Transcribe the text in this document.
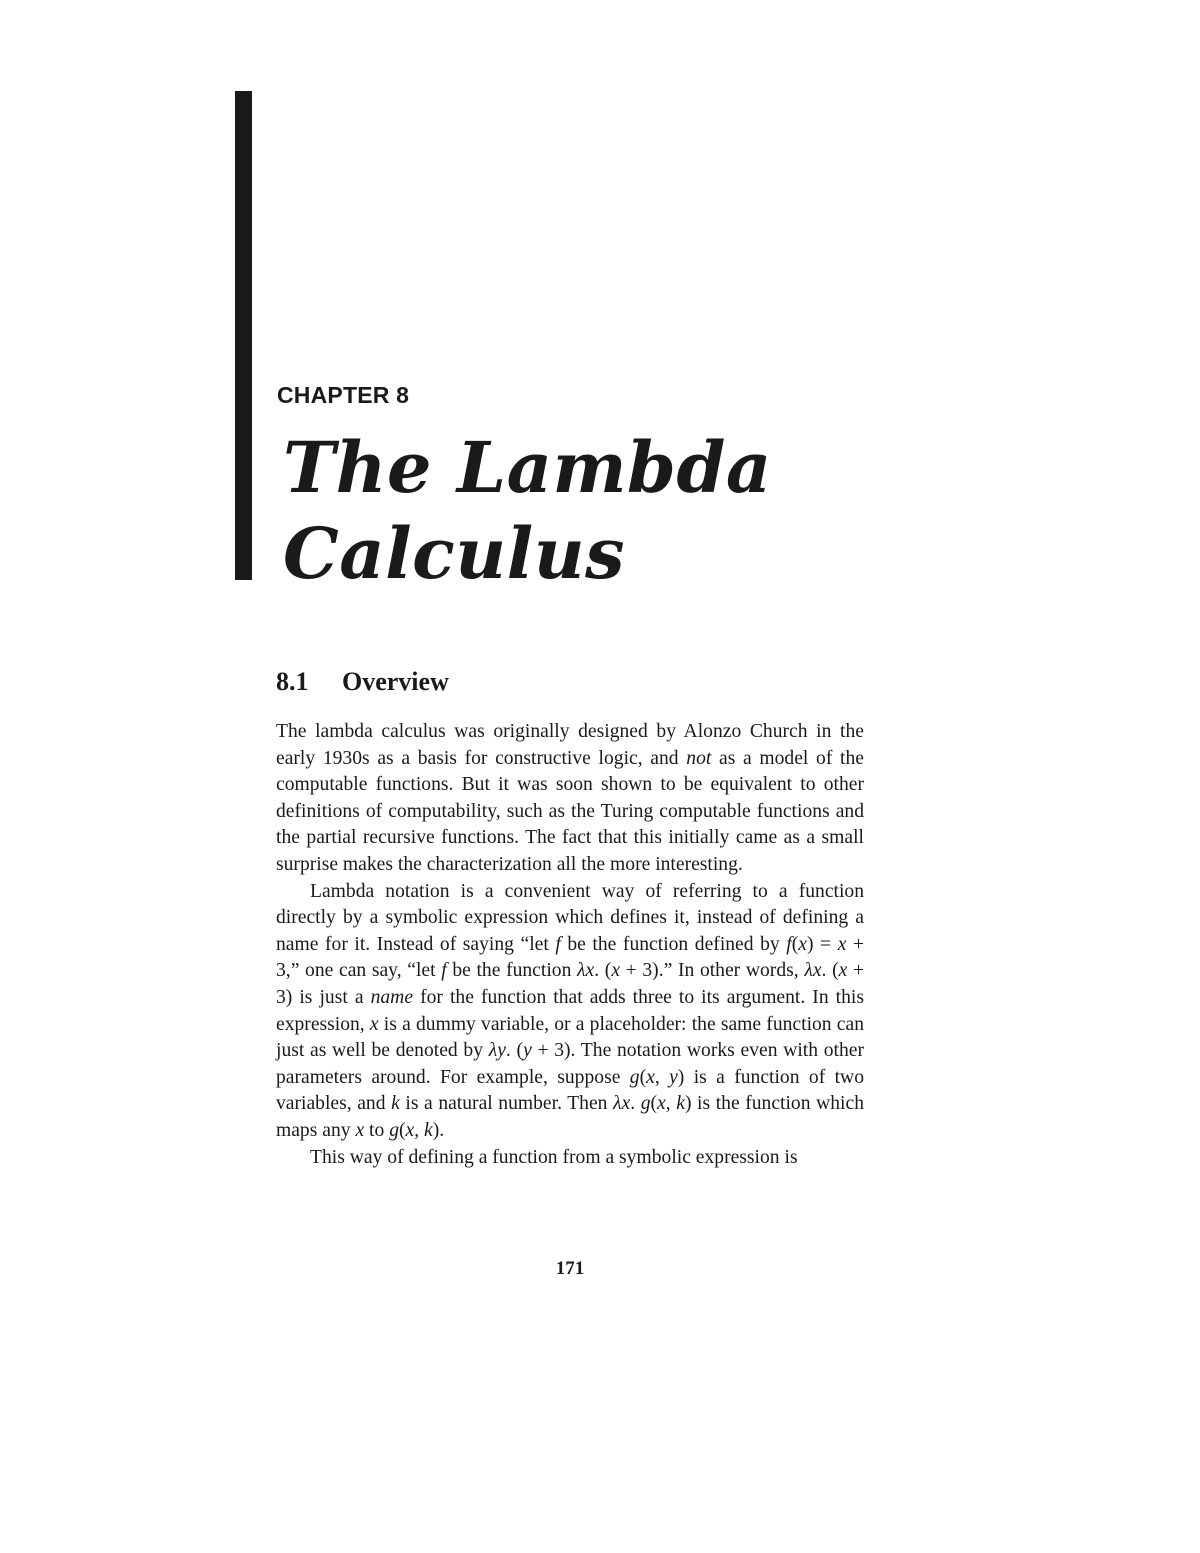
CHAPTER 8
The Lambda
Calculus
8.1 Overview

The lambda calculus was originally designed by Alonzo Church in the early 1930s as a basis for constructive logic, and not as a model of the computable functions. But it was soon shown to be equivalent to other definitions of computability, such as the Turing computable functions and the partial recursive functions. The fact that this initially came as a small surprise makes the characterization all the more interesting.

Lambda notation is a convenient way of referring to a function directly by a symbolic expression which defines it, instead of defining a name for it. Instead of saying “let f be the function defined by f(x) = x + 3,” one can say, “let f be the function λx. (x + 3).” In other words, λx. (x + 3) is just a name for the function that adds three to its argument. In this expression, x is a dummy variable, or a placeholder: the same function can just as well be denoted by λy. (y + 3). The notation works even with other parameters around. For example, suppose g(x, y) is a function of two variables, and k is a natural number. Then λx. g(x, k) is the function which maps any x to g(x, k).

This way of defining a function from a symbolic expression is

171
